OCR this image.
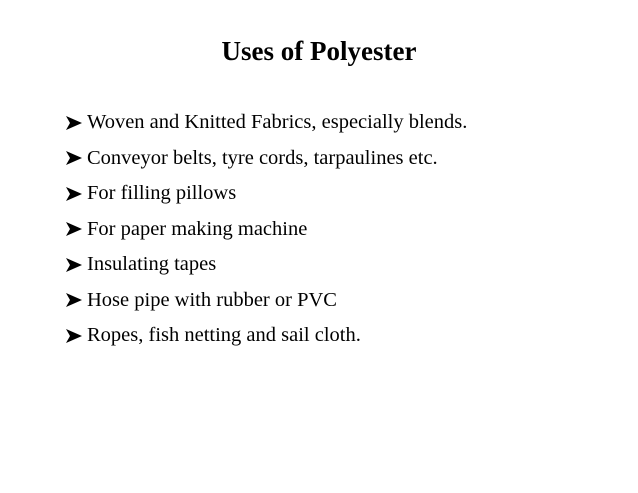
Uses of Polyester
Woven and Knitted Fabrics, especially blends.
Conveyor belts, tyre cords, tarpaulines etc.
For filling pillows
For paper making machine
Insulating tapes
Hose pipe with rubber or PVC
Ropes, fish netting and sail cloth.
